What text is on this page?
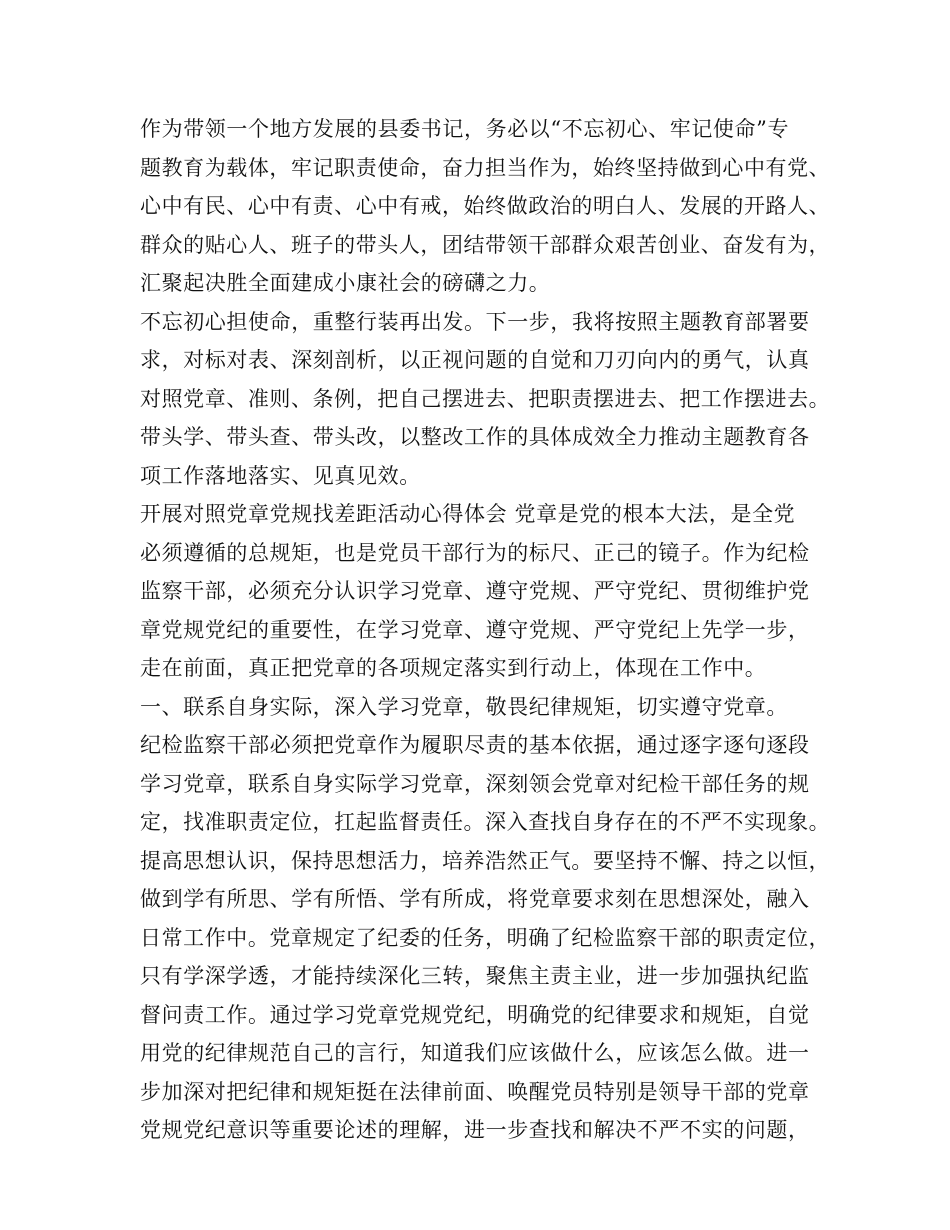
作为带领一个地方发展的县委书记，务必以“不忘初心、牢记使命”专
题教育为载体，牢记职责使命，奋力担当作为，始终坚持做到心中有党、
心中有民、心中有责、心中有戒，始终做政治的明白人、发展的开路人、
群众的贴心人、班子的带头人，团结带领干部群众艰苦创业、奋发有为，
汇聚起决胜全面建成小康社会的磅礴之力。
不忘初心担使命，重整行装再出发。下一步，我将按照主题教育部署要
求，对标对表、深刻剖析，以正视问题的自觉和刀刃向内的勇气，认真
对照党章、准则、条例，把自己摆进去、把职责摆进去、把工作摆进去。
带头学、带头查、带头改，以整改工作的具体成效全力推动主题教育各
项工作落地落实、见真见效。
开展对照党章党规找差距活动心得体会 党章是党的根本大法，是全党
必须遵循的总规矩，也是党员干部行为的标尺、正己的镜子。作为纪检
监察干部，必须充分认识学习党章、遵守党规、严守党纪、贯彻维护党
章党规党纪的重要性，在学习党章、遵守党规、严守党纪上先学一步，
走在前面，真正把党章的各项规定落实到行动上，体现在工作中。
一、联系自身实际，深入学习党章，敬畏纪律规矩，切实遵守党章。
纪检监察干部必须把党章作为履职尽责的基本依据，通过逐字逐句逐段
学习党章，联系自身实际学习党章，深刻领会党章对纪检干部任务的规
定，找准职责定位，扛起监督责任。深入查找自身存在的不严不实现象。
提高思想认识，保持思想活力，培养浩然正气。要坚持不懈、持之以恒，
做到学有所思、学有所悟、学有所成，将党章要求刻在思想深处，融入
日常工作中。党章规定了纪委的任务，明确了纪检监察干部的职责定位，
只有学深学透，才能持续深化三转，聚焦主责主业，进一步加强执纪监
督问责工作。通过学习党章党规党纪，明确党的纪律要求和规矩，自觉
用党的纪律规范自己的言行，知道我们应该做什么，应该怎么做。进一
步加深对把纪律和规矩挺在法律前面、唤醒党员特别是领导干部的党章
党规党纪意识等重要论述的理解，进一步查找和解决不严不实的问题，
